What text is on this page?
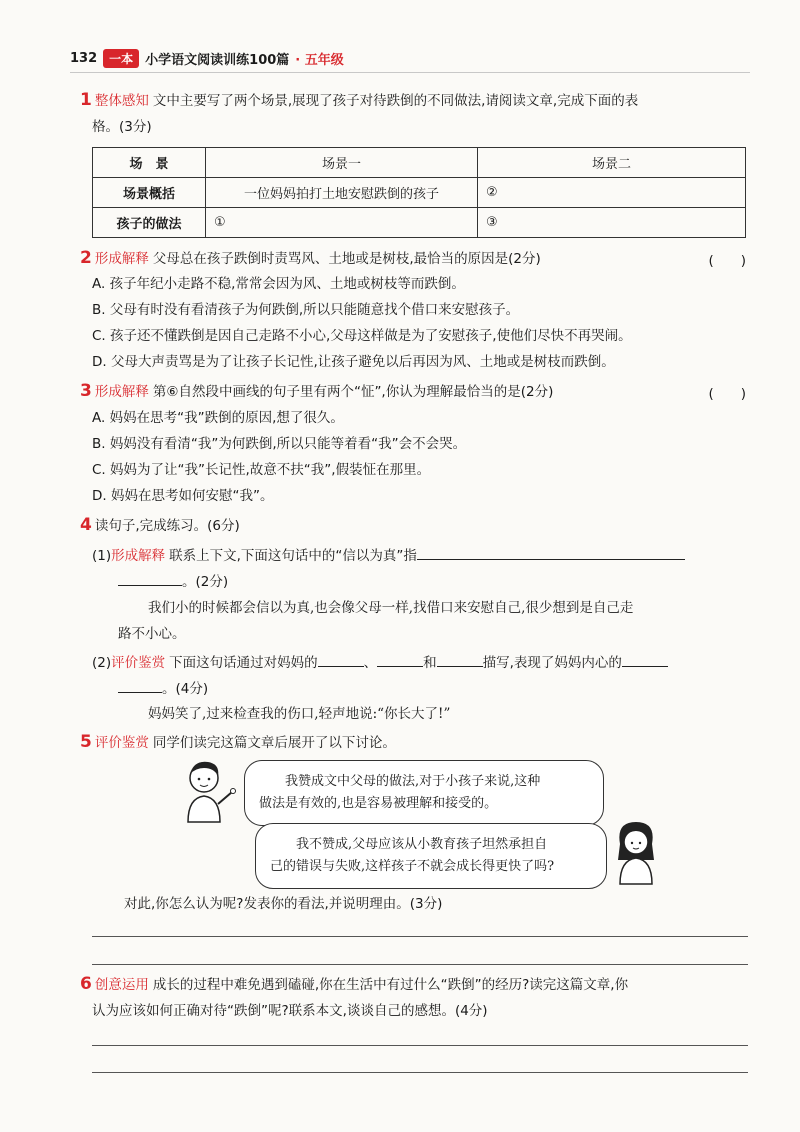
132	一本 小学语文阅读训练100篇 · 五年级
1 整体感知 文中主要写了两个场景,展现了孩子对待跌倒的不同做法,请阅读文章,完成下面的表
格。(3分)
场　景	场景一	场景二
场景概括	一位妈妈拍打土地安慰跌倒的孩子	②
孩子的做法	①	③
2 形成解释 父母总在孩子跌倒时责骂风、土地或是树枝,最恰当的原因是(2分)	(　　)
A. 孩子年纪小走路不稳,常常会因为风、土地或树枝等而跌倒。
B. 父母有时没有看清孩子为何跌倒,所以只能随意找个借口来安慰孩子。
C. 孩子还不懂跌倒是因自己走路不小心,父母这样做是为了安慰孩子,使他们尽快不再哭闹。
D. 父母大声责骂是为了让孩子长记性,让孩子避免以后再因为风、土地或是树枝而跌倒。
3 形成解释 第⑥自然段中画线的句子里有两个“怔”,你认为理解最恰当的是(2分)	(　　)
A. 妈妈在思考“我”跌倒的原因,想了很久。
B. 妈妈没有看清“我”为何跌倒,所以只能等着看“我”会不会哭。
C. 妈妈为了让“我”长记性,故意不扶“我”,假装怔在那里。
D. 妈妈在思考如何安慰“我”。
4 读句子,完成练习。(6分)
(1)形成解释 联系上下文,下面这句话中的“信以为真”指
。(2分)
我们小的时候都会信以为真,也会像父母一样,找借口来安慰自己,很少想到是自己走
路不小心。
(2)评价鉴赏 下面这句话通过对妈妈的	、	和	描写,表现了妈妈内心的
。(4分)
妈妈笑了,过来检查我的伤口,轻声地说:“你长大了!”
5 评价鉴赏 同学们读完这篇文章后展开了以下讨论。
我赞成文中父母的做法,对于小孩子来说,这种
做法是有效的,也是容易被理解和接受的。
我不赞成,父母应该从小教育孩子坦然承担自
己的错误与失败,这样孩子不就会成长得更快了吗?
对此,你怎么认为呢?发表你的看法,并说明理由。(3分)
6 创意运用 成长的过程中难免遇到磕碰,你在生活中有过什么“跌倒”的经历?读完这篇文章,你
认为应该如何正确对待“跌倒”呢?联系本文,谈谈自己的感想。(4分)
